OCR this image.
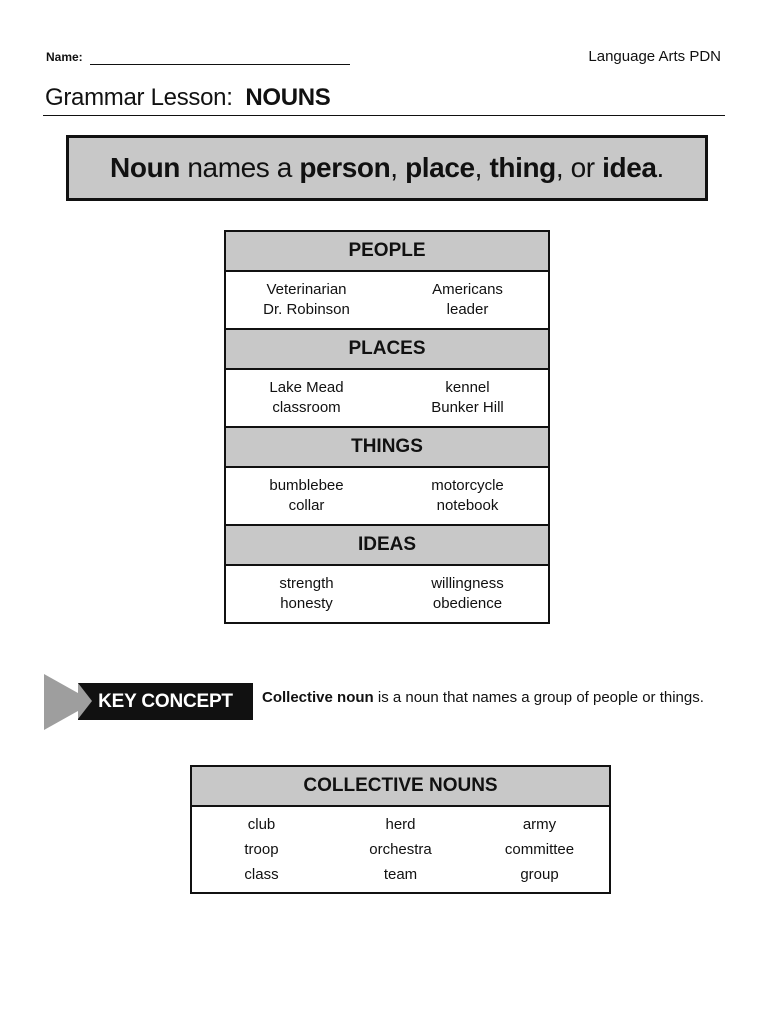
Name:	Language Arts PDN
Grammar Lesson: NOUNS
Noun names a person, place, thing, or idea.
PEOPLE
Veterinarian
Dr. Robinson
Americans
leader
PLACES
Lake Mead
classroom
kennel
Bunker Hill
THINGS
bumblebee
collar
motorcycle
notebook
IDEAS
strength
honesty
willingness
obedience
KEY CONCEPT Collective noun is a noun that names a group of people or things.
COLLECTIVE NOUNS
club
troop
class
herd
orchestra
team
army
committee
group
